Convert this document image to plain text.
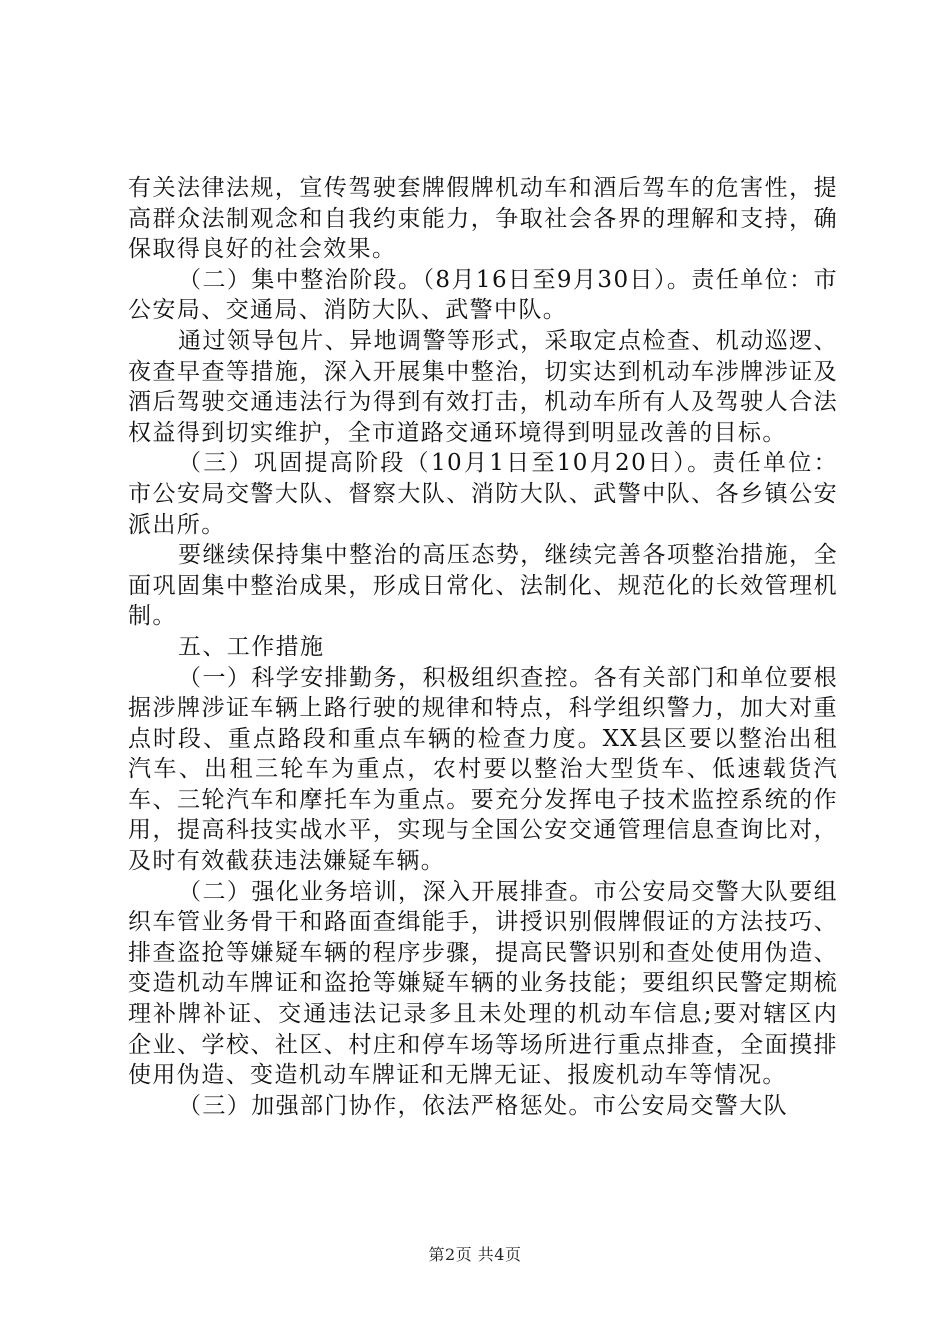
有关法律法规，宣传驾驶套牌假牌机动车和酒后驾车的危害性，提高群众法制观念和自我约束能力，争取社会各界的理解和支持，确保取得良好的社会效果。

（二）集中整治阶段。（8月16日至9月30日）。责任单位：市公安局、交通局、消防大队、武警中队。

通过领导包片、异地调警等形式，采取定点检查、机动巡逻、夜查早查等措施，深入开展集中整治，切实达到机动车涉牌涉证及酒后驾驶交通违法行为得到有效打击，机动车所有人及驾驶人合法权益得到切实维护，全市道路交通环境得到明显改善的目标。

（三）巩固提高阶段（10月1日至10月20日）。责任单位：市公安局交警大队、督察大队、消防大队、武警中队、各乡镇公安派出所。

要继续保持集中整治的高压态势，继续完善各项整治措施，全面巩固集中整治成果，形成日常化、法制化、规范化的长效管理机制。

五、工作措施

（一）科学安排勤务，积极组织查控。各有关部门和单位要根据涉牌涉证车辆上路行驶的规律和特点，科学组织警力，加大对重点时段、重点路段和重点车辆的检查力度。XX县区要以整治出租汽车、出租三轮车为重点，农村要以整治大型货车、低速载货汽车、三轮汽车和摩托车为重点。要充分发挥电子技术监控系统的作用，提高科技实战水平，实现与全国公安交通管理信息查询比对，及时有效截获违法嫌疑车辆。

（二）强化业务培训，深入开展排查。市公安局交警大队要组织车管业务骨干和路面查缉能手，讲授识别假牌假证的方法技巧、排查盗抢等嫌疑车辆的程序步骤，提高民警识别和查处使用伪造、变造机动车牌证和盗抢等嫌疑车辆的业务技能；要组织民警定期梳理补牌补证、交通违法记录多且未处理的机动车信息;要对辖区内企业、学校、社区、村庄和停车场等场所进行重点排查，全面摸排使用伪造、变造机动车牌证和无牌无证、报废机动车等情况。

（三）加强部门协作，依法严格惩处。市公安局交警大队

第2页 共4页
